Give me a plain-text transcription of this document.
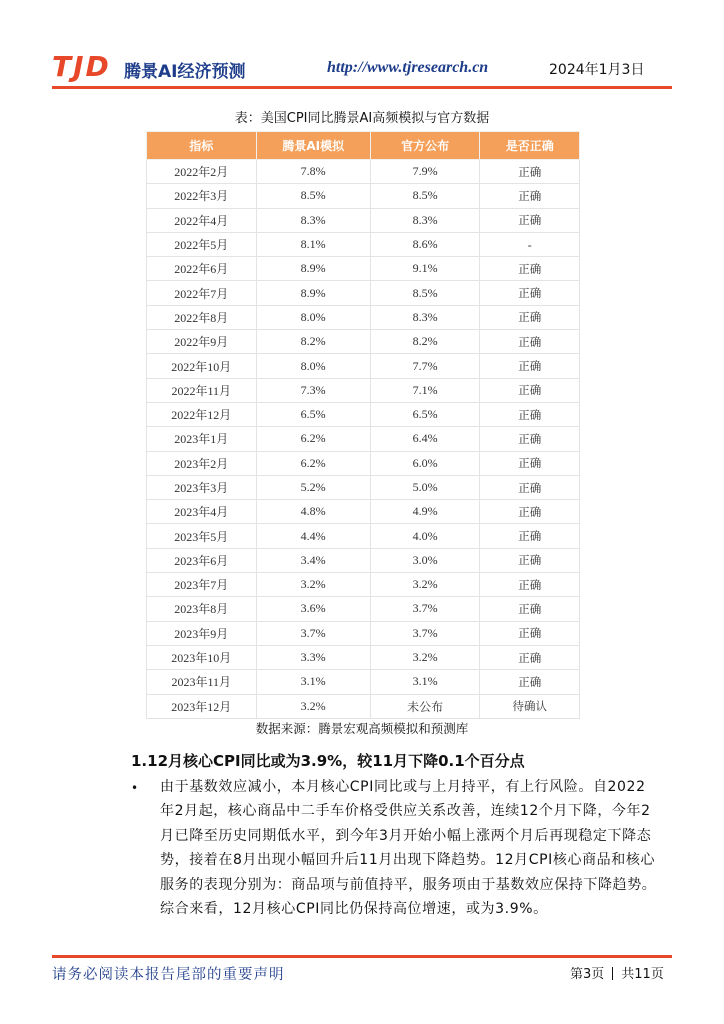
TJD 腾景AI经济预测	http://www.tjresearch.cn	2024年1月3日
表：美国CPI同比腾景AI高频模拟与官方数据
指标	腾景AI模拟	官方公布	是否正确
2022年2月	7.8%	7.9%	正确
2022年3月	8.5%	8.5%	正确
2022年4月	8.3%	8.3%	正确
2022年5月	8.1%	8.6%	-
2022年6月	8.9%	9.1%	正确
2022年7月	8.9%	8.5%	正确
2022年8月	8.0%	8.3%	正确
2022年9月	8.2%	8.2%	正确
2022年10月	8.0%	7.7%	正确
2022年11月	7.3%	7.1%	正确
2022年12月	6.5%	6.5%	正确
2023年1月	6.2%	6.4%	正确
2023年2月	6.2%	6.0%	正确
2023年3月	5.2%	5.0%	正确
2023年4月	4.8%	4.9%	正确
2023年5月	4.4%	4.0%	正确
2023年6月	3.4%	3.0%	正确
2023年7月	3.2%	3.2%	正确
2023年8月	3.6%	3.7%	正确
2023年9月	3.7%	3.7%	正确
2023年10月	3.3%	3.2%	正确
2023年11月	3.1%	3.1%	正确
2023年12月	3.2%	未公布	待确认
数据来源：腾景宏观高频模拟和预测库
1.12月核心CPI同比或为3.9%，较11月下降0.1个百分点
• 由于基数效应减小，本月核心CPI同比或与上月持平，有上行风险。自2022年2月起，核心商品中二手车价格受供应关系改善，连续12个月下降，今年2月已降至历史同期低水平，到今年3月开始小幅上涨两个月后再现稳定下降态势，接着在8月出现小幅回升后11月出现下降趋势。12月CPI核心商品和核心服务的表现分别为：商品项与前值持平，服务项由于基数效应保持下降趋势。综合来看，12月核心CPI同比仍保持高位增速，或为3.9%。
请务必阅读本报告尾部的重要声明	第3页 共11页
